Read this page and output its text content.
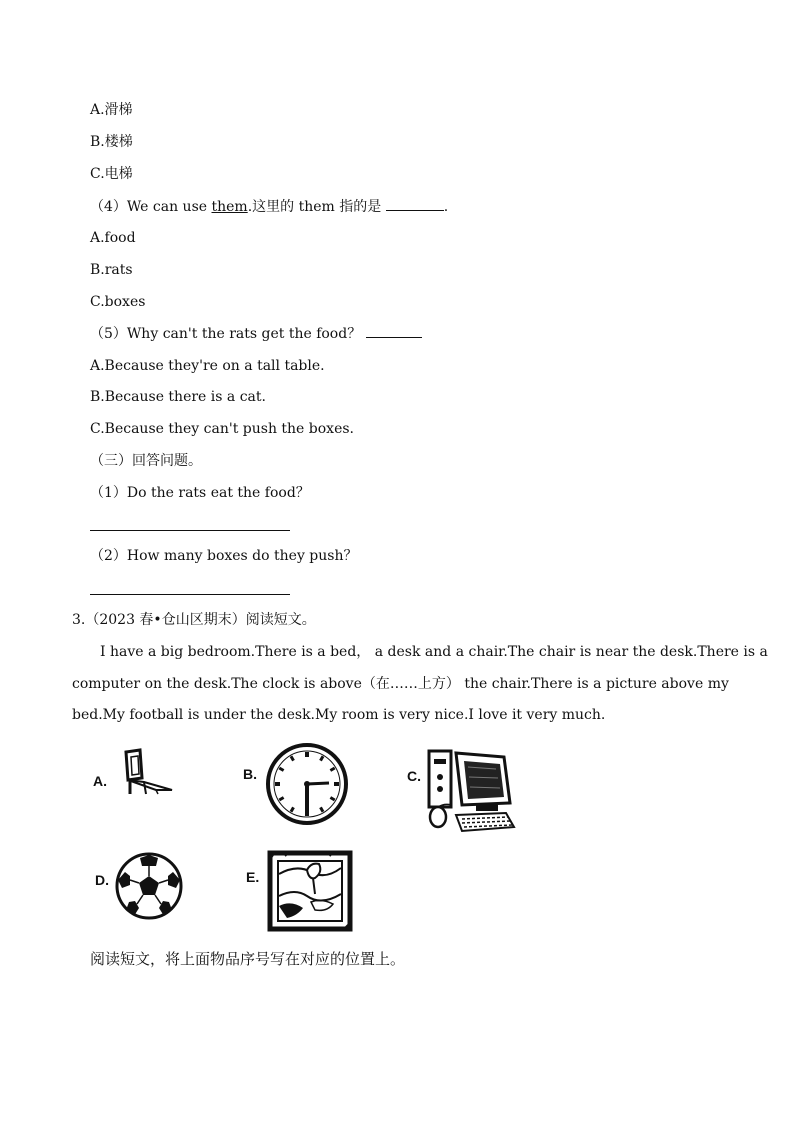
A.滑梯
B.楼梯
C.电梯
（4）We can use them.这里的 them 指的是	.
A.food
B.rats
C.boxes
（5）Why can't the rats get the food？
A.Because they're on a tall table.
B.Because there is a cat.
C.Because they can't push the boxes.
（三）回答问题。
（1）Do the rats eat the food？
（2）How many boxes do they push？
3.（2023 春•仓山区期末）阅读短文。
I have a big bedroom.There is a bed， a desk and a chair.The chair is near the desk.There is a
computer on the desk.The clock is above（在……上方） the chair.There is a picture above my
bed.My football is under the desk.My room is very nice.I love it very much.
A.	B.	C.
D.	E.
阅读短文，将上面物品序号写在对应的位置上。
